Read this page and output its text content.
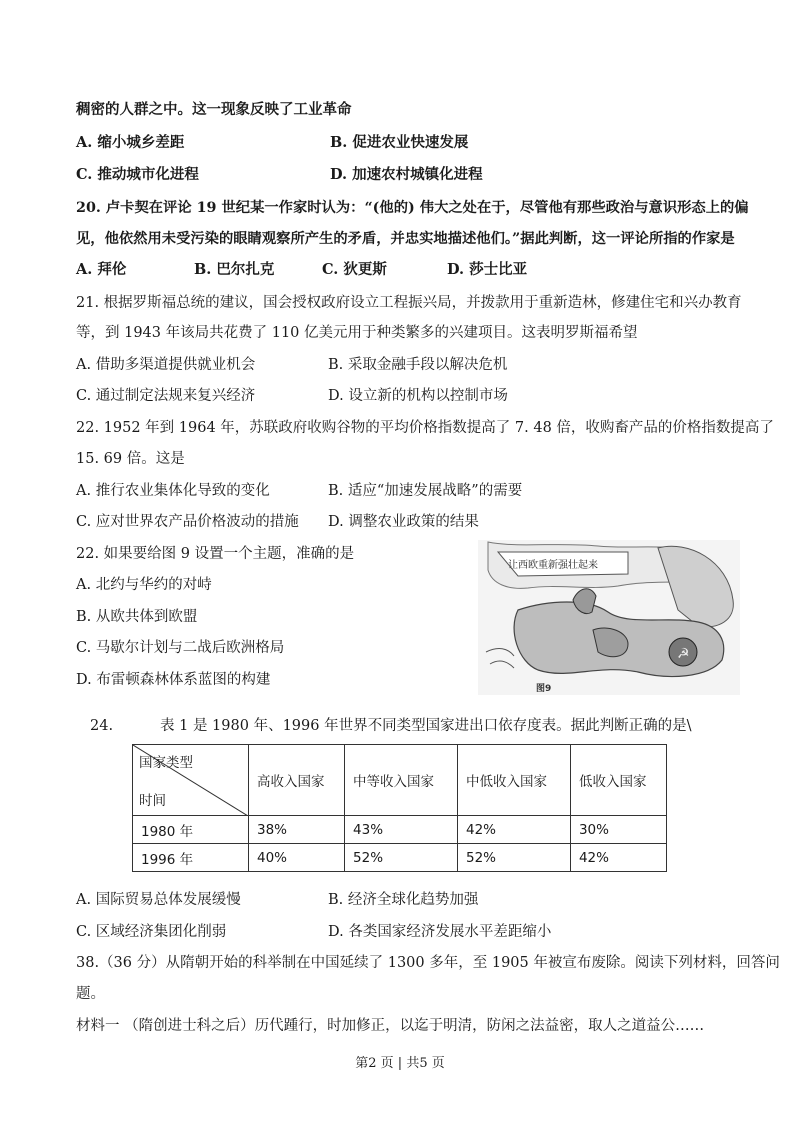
稠密的人群之中。这一现象反映了工业革命
A. 缩小城乡差距	B. 促进农业快速发展
C. 推动城市化进程	D. 加速农村城镇化进程
20. 卢卡契在评论 19 世纪某一作家时认为：“(他的) 伟大之处在于，尽管他有那些政治与意识形态上的偏
见，他依然用未受污染的眼睛观察所产生的矛盾，并忠实地描述他们。”据此判断，这一评论所指的作家是
A. 拜伦	B. 巴尔扎克	C. 狄更斯	D. 莎士比亚
21. 根据罗斯福总统的建议，国会授权政府设立工程振兴局，并拨款用于重新造林，修建住宅和兴办教育
等，到 1943 年该局共花费了 110 亿美元用于种类繁多的兴建项目。这表明罗斯福希望
A. 借助多渠道提供就业机会	B. 采取金融手段以解决危机
C. 通过制定法规来复兴经济	D. 设立新的机构以控制市场
22. 1952 年到 1964 年，苏联政府收购谷物的平均价格指数提高了 7. 48 倍，收购畜产品的价格指数提高了
15. 69 倍。这是
A. 推行农业集体化导致的变化	B. 适应“加速发展战略”的需要
C. 应对世界农产品价格波动的措施 D. 调整农业政策的结果
22. 如果要给图 9 设置一个主题，准确的是
A. 北约与华约的对峙
B. 从欧共体到欧盟
C. 马歇尔计划与二战后欧洲格局
D. 布雷顿森林体系蓝图的构建
让西欧重新强壮起来
☭
图9
24.	表 1 是 1980 年、1996 年世界不同类型国家进出口依存度表。据此判断正确的是\
国家类型
时间	高收入国家	中等收入国家	中低收入国家	低收入国家
1980 年	38%	43%	42%	30%
1996 年	40%	52%	52%	42%
A. 国际贸易总体发展缓慢	B. 经济全球化趋势加强
C. 区域经济集团化削弱	D. 各类国家经济发展水平差距缩小
38.（36 分）从隋朝开始的科举制在中国延续了 1300 多年，至 1905 年被宣布废除。阅读下列材料，回答问
题。
材料一 （隋创进士科之后）历代踵行，时加修正，以迄于明清，防闲之法益密，取人之道益公……
第2 页 | 共5 页
